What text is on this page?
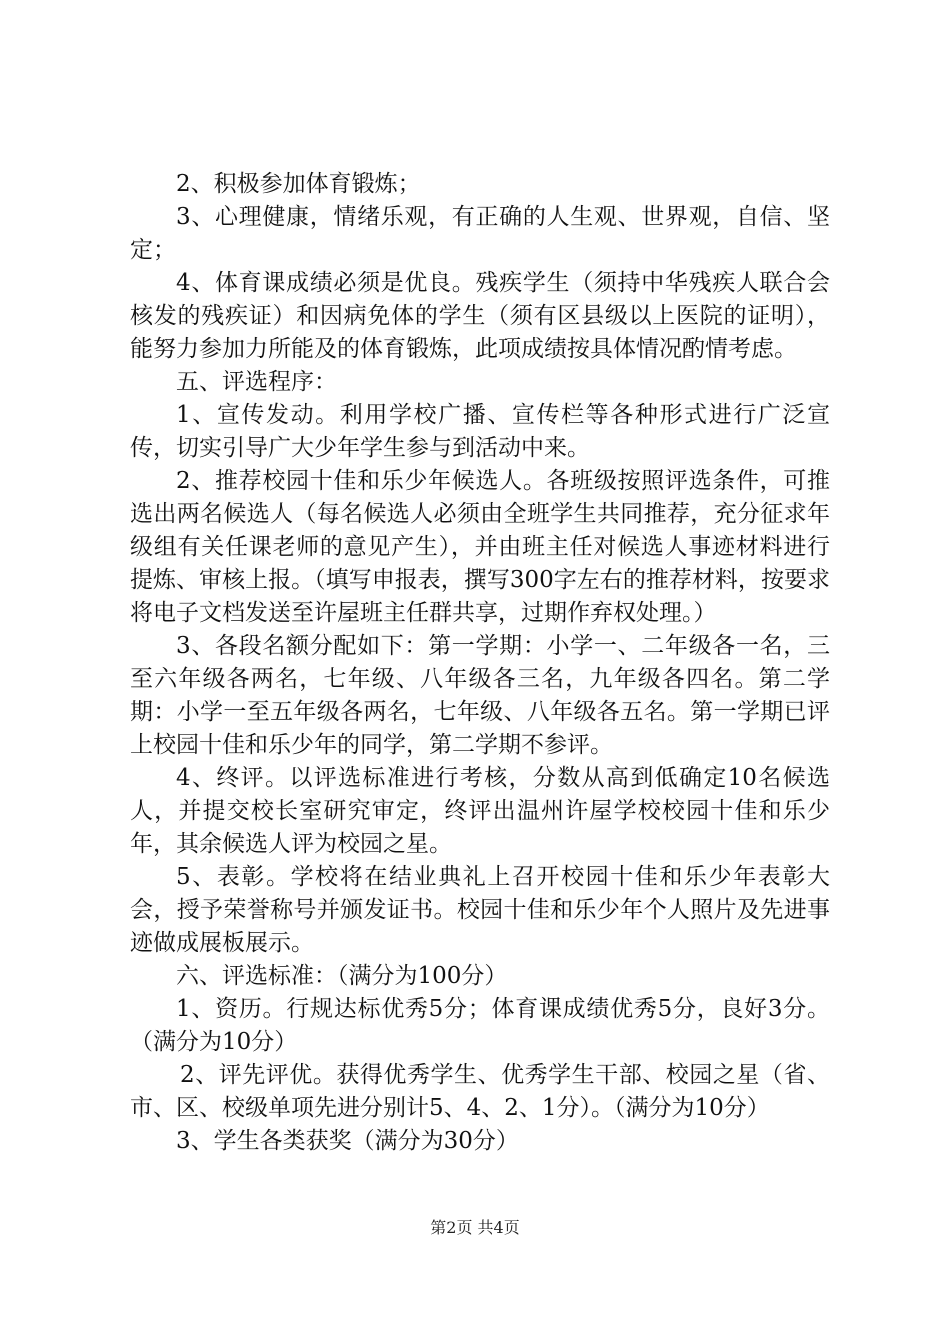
2、积极参加体育锻炼；

3、心理健康，情绪乐观，有正确的人生观、世界观，自信、坚定；

4、体育课成绩必须是优良。残疾学生（须持中华残疾人联合会核发的残疾证）和因病免体的学生（须有区县级以上医院的证明），能努力参加力所能及的体育锻炼，此项成绩按具体情况酌情考虑。

五、评选程序：

1、宣传发动。利用学校广播、宣传栏等各种形式进行广泛宣传，切实引导广大少年学生参与到活动中来。

2、推荐校园十佳和乐少年候选人。各班级按照评选条件，可推选出两名候选人（每名候选人必须由全班学生共同推荐，充分征求年级组有关任课老师的意见产生），并由班主任对候选人事迹材料进行提炼、审核上报。（填写申报表，撰写300字左右的推荐材料，按要求将电子文档发送至许屋班主任群共享，过期作弃权处理。）

3、各段名额分配如下：第一学期：小学一、二年级各一名，三至六年级各两名，七年级、八年级各三名，九年级各四名。第二学期：小学一至五年级各两名，七年级、八年级各五名。第一学期已评上校园十佳和乐少年的同学，第二学期不参评。

4、终评。以评选标准进行考核，分数从高到低确定10名候选人，并提交校长室研究审定，终评出温州许屋学校校园十佳和乐少年，其余候选人评为校园之星。

5、表彰。学校将在结业典礼上召开校园十佳和乐少年表彰大会，授予荣誉称号并颁发证书。校园十佳和乐少年个人照片及先进事迹做成展板展示。

六、评选标准：（满分为100分）

1、资历。行规达标优秀5分；体育课成绩优秀5分，良好3分。（满分为10分）

2、评先评优。获得优秀学生、优秀学生干部、校园之星（省、市、区、校级单项先进分别计5、4、2、1分）。（满分为10分）

3、学生各类获奖（满分为30分）

第2页 共4页
